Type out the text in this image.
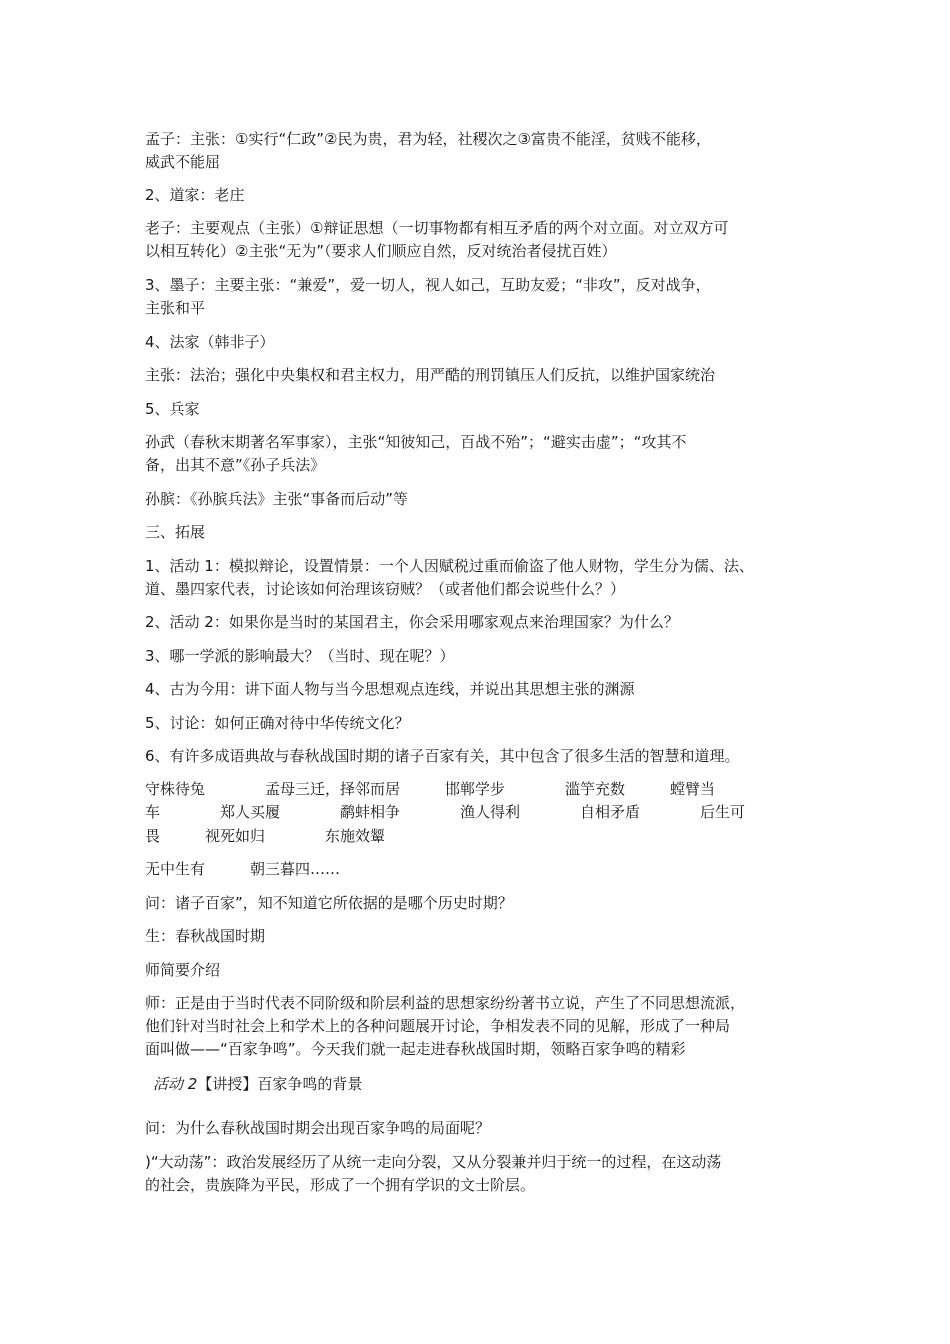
孟子：主张：①实行“仁政”②民为贵，君为轻，社稷次之③富贵不能淫，贫贱不能移，
威武不能屈
2、道家：老庄
老子：主要观点（主张）①辩证思想（一切事物都有相互矛盾的两个对立面。对立双方可
以相互转化）②主张“无为”（要求人们顺应自然，反对统治者侵扰百姓）
3、墨子：主要主张：“兼爱”，爱一切人，视人如己，互助友爱；“非攻”，反对战争，
主张和平
4、法家（韩非子）
主张：法治；强化中央集权和君主权力，用严酷的刑罚镇压人们反抗，以维护国家统治
5、兵家
孙武（春秋末期著名军事家），主张“知彼知己，百战不殆”；“避实击虚”；“攻其不
备，出其不意”《孙子兵法》
孙膑：《孙膑兵法》主张“事备而后动”等
三、拓展
1、活动 1：模拟辩论，设置情景：一个人因赋税过重而偷盗了他人财物，学生分为儒、法、
道、墨四家代表，讨论该如何治理该窃贼？（或者他们都会说些什么？）
2、活动 2：如果你是当时的某国君主，你会采用哪家观点来治理国家？为什么？
3、哪一学派的影响最大？（当时、现在呢？）
4、古为今用：讲下面人物与当今思想观点连线，并说出其思想主张的渊源
5、讨论：如何正确对待中华传统文化？
6、有许多成语典故与春秋战国时期的诸子百家有关，其中包含了很多生活的智慧和道理。
守株待兔　　　　孟母三迁，择邻而居　　　邯郸学步　　　　滥竽充数　　　螳臂当
车　　　　郑人买履　　　　鹬蚌相争　　　　渔人得利　　　　自相矛盾　　　　后生可
畏　　　视死如归　　　　东施效颦
无中生有　　　朝三暮四……
问：诸子百家”，知不知道它所依据的是哪个历史时期？
生：春秋战国时期
师简要介绍
师：正是由于当时代表不同阶级和阶层利益的思想家纷纷著书立说，产生了不同思想流派，
他们针对当时社会上和学术上的各种问题展开讨论，争相发表不同的见解，形成了一种局
面叫做——“百家争鸣”。今天我们就一起走进春秋战国时期，领略百家争鸣的精彩
活动 2【讲授】百家争鸣的背景
问：为什么春秋战国时期会出现百家争鸣的局面呢？
)“大动荡”：政治发展经历了从统一走向分裂，又从分裂兼并归于统一的过程，在这动荡
的社会，贵族降为平民，形成了一个拥有学识的文士阶层。
